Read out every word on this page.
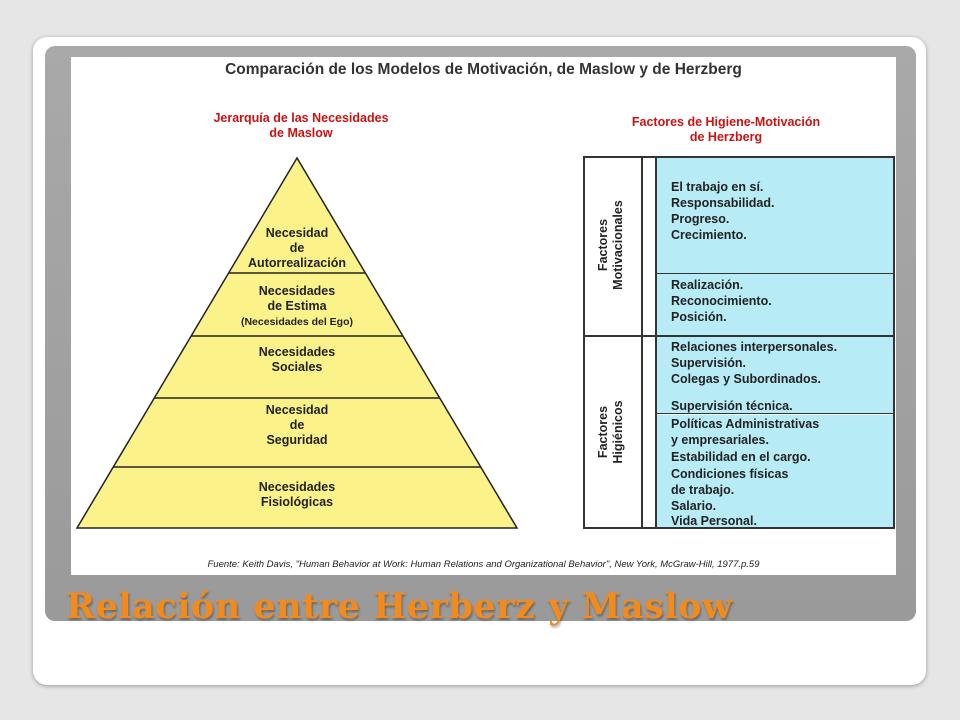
Comparación de los Modelos de Motivación, de Maslow y de Herzberg
Jerarquía de las Necesidades
de Maslow
Factores de Higiene-Motivación
de Herzberg
Necesidad
de
Autorrealización
Necesidades
de Estima
(Necesidades del Ego)
Necesidades
Sociales
Necesidad
de
Seguridad
Necesidades
Fisiológicas
Factores Motivacionales
Factores Higiénicos
El trabajo en sí.
Responsabilidad.
Progreso.
Crecimiento.
Realización.
Reconocimiento.
Posición.
Relaciones interpersonales.
Supervisión.
Colegas y Subordinados.
Supervisión técnica.
Políticas Administrativas
y empresariales.
Estabilidad en el cargo.
Condiciones físicas
de trabajo.
Salario.
Vida Personal.
Fuente: Keith Davis, "Human Behavior at Work: Human Relations and Organizational Behavior", New York, McGraw-Hill, 1977.p.59
Relación entre Herberz y Maslow
